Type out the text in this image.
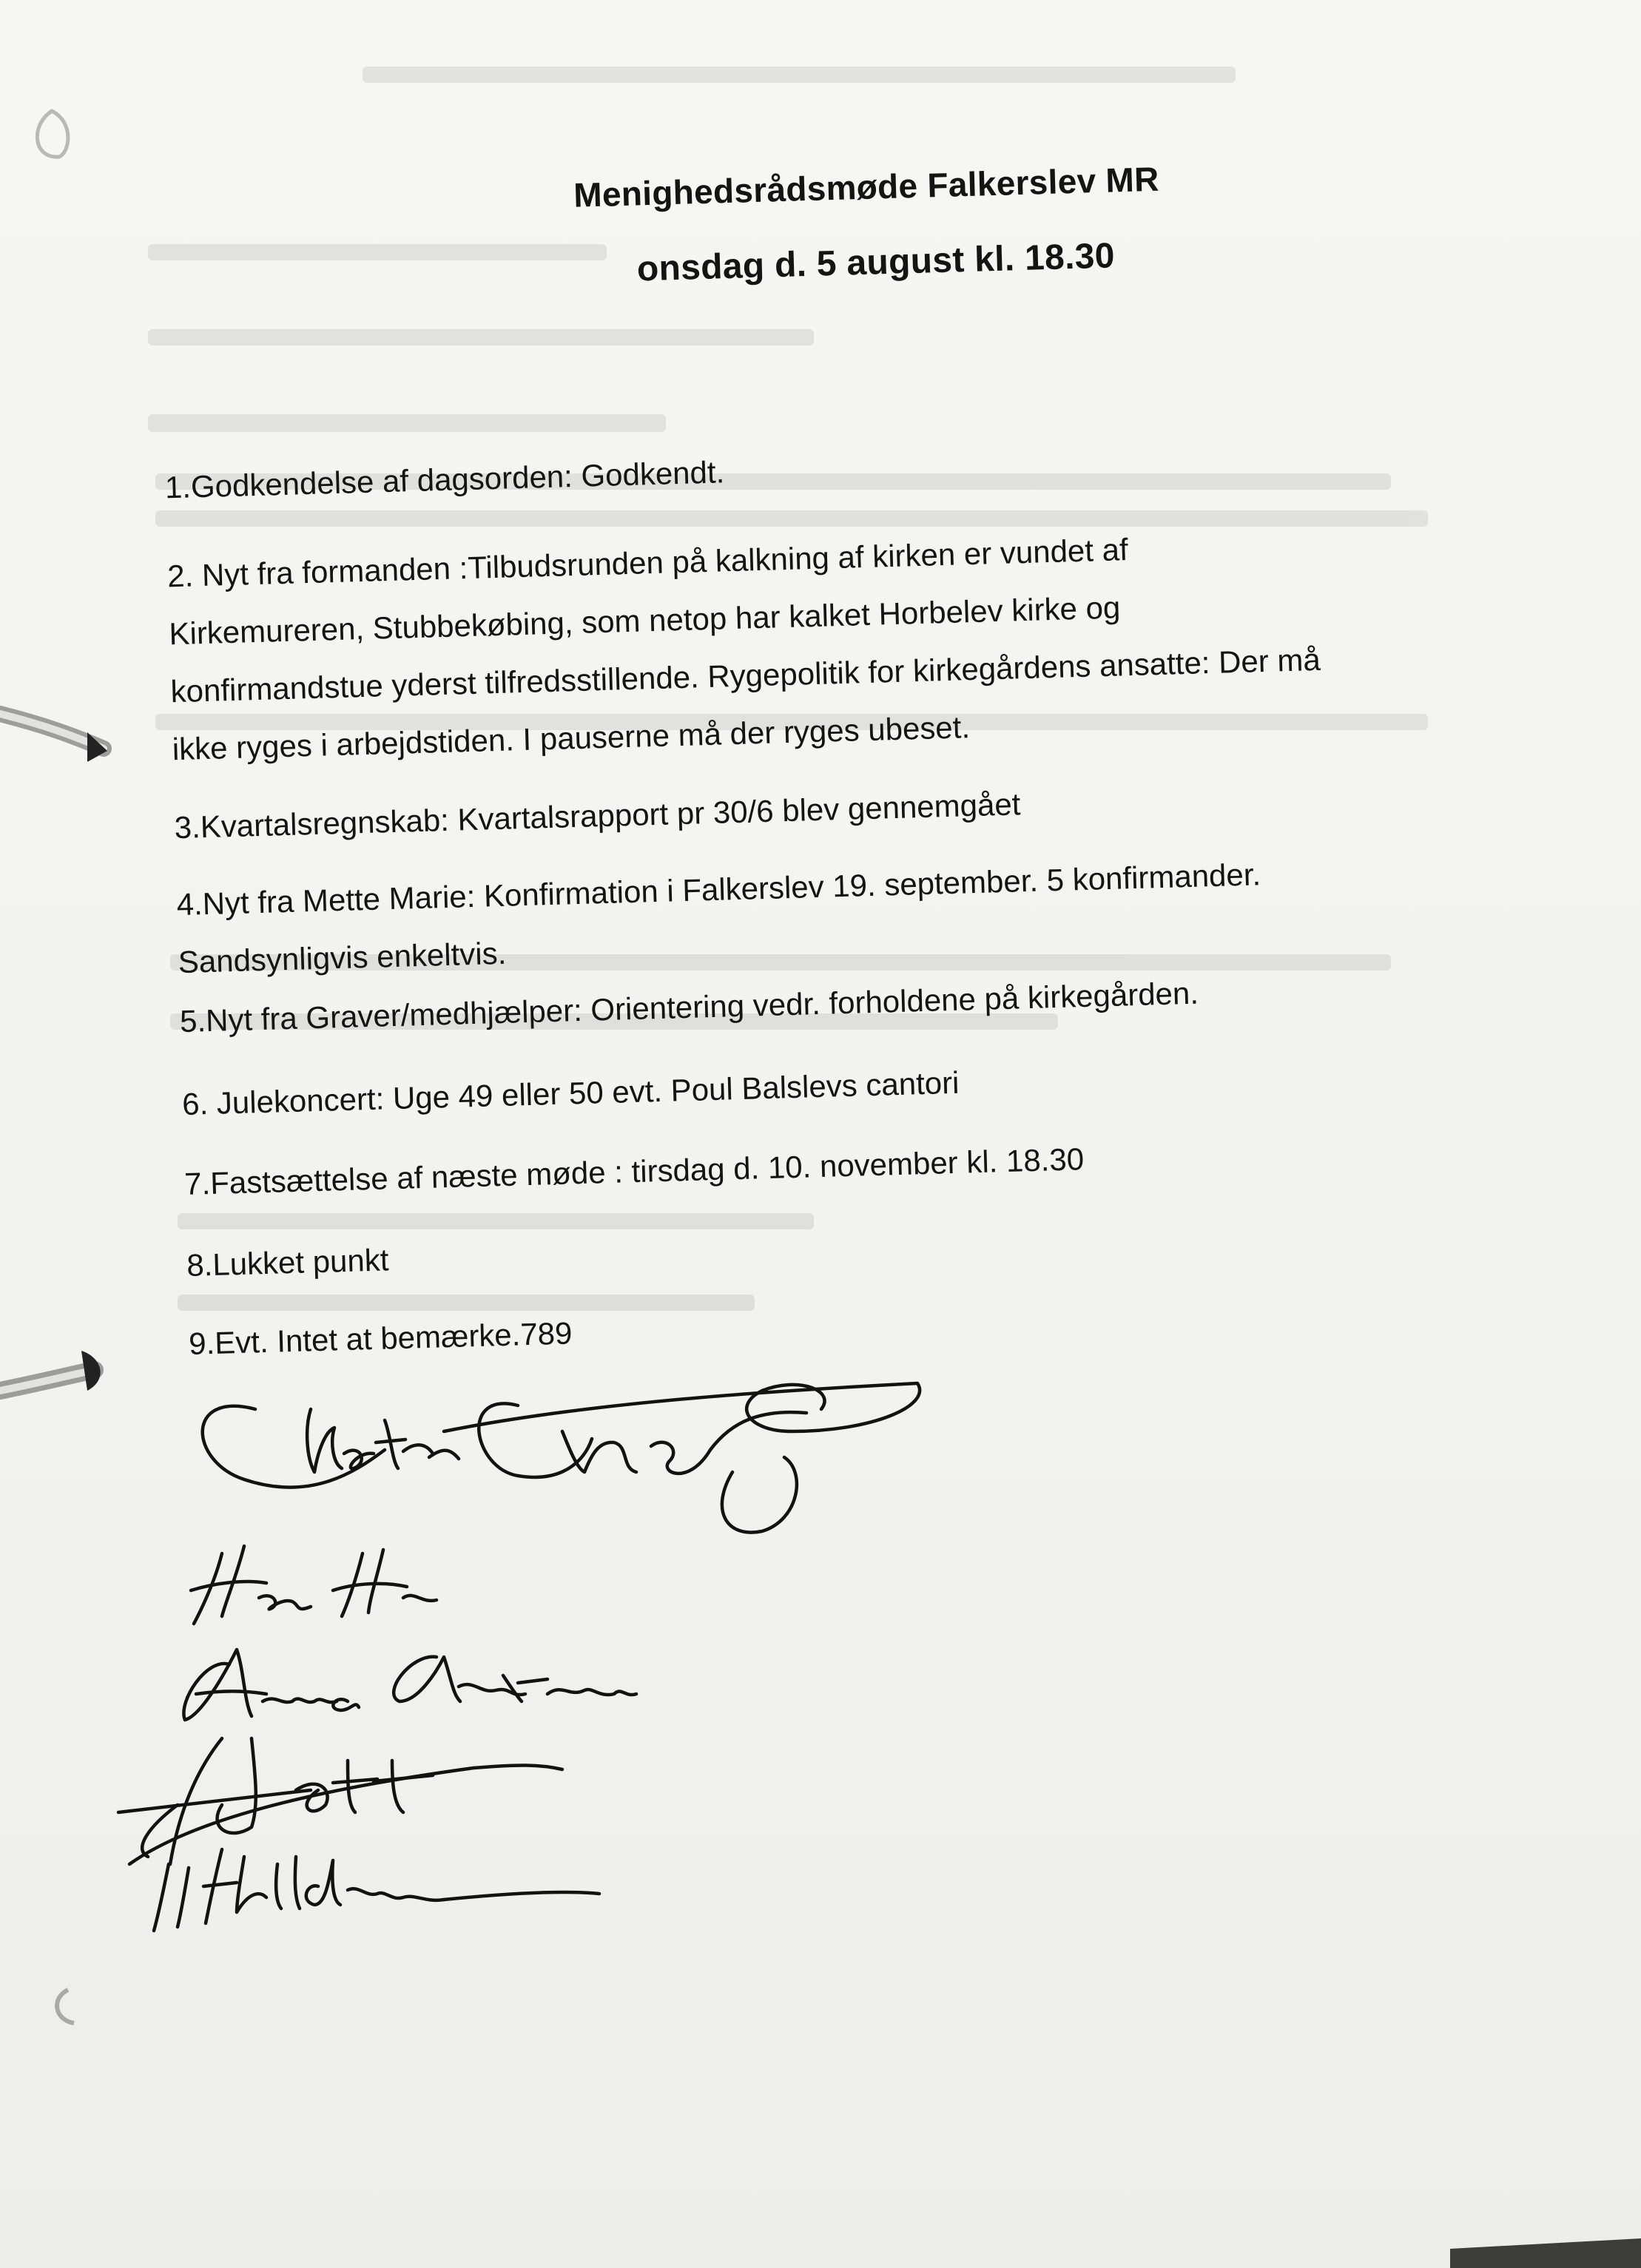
Menighedsrådsmøde Falkerslev MR
onsdag d. 5 august kl. 18.30
1.Godkendelse af dagsorden: Godkendt.
2. Nyt fra formanden :Tilbudsrunden på kalkning af kirken er vundet af
Kirkemureren, Stubbekøbing, som netop har kalket Horbelev kirke og
konfirmandstue yderst tilfredsstillende. Rygepolitik for kirkegårdens ansatte: Der må
ikke ryges i arbejdstiden. I pauserne må der ryges ubeset.
3.Kvartalsregnskab: Kvartalsrapport pr 30/6 blev gennemgået
4.Nyt fra Mette Marie: Konfirmation i Falkerslev 19. september. 5 konfirmander.
Sandsynligvis enkeltvis.
5.Nyt fra Graver/medhjælper: Orientering vedr. forholdene på kirkegården.
6. Julekoncert: Uge 49 eller 50 evt. Poul Balslevs cantori
7.Fastsættelse af næste møde : tirsdag d. 10. november kl. 18.30
8.Lukket punkt
9.Evt. Intet at bemærke.789
